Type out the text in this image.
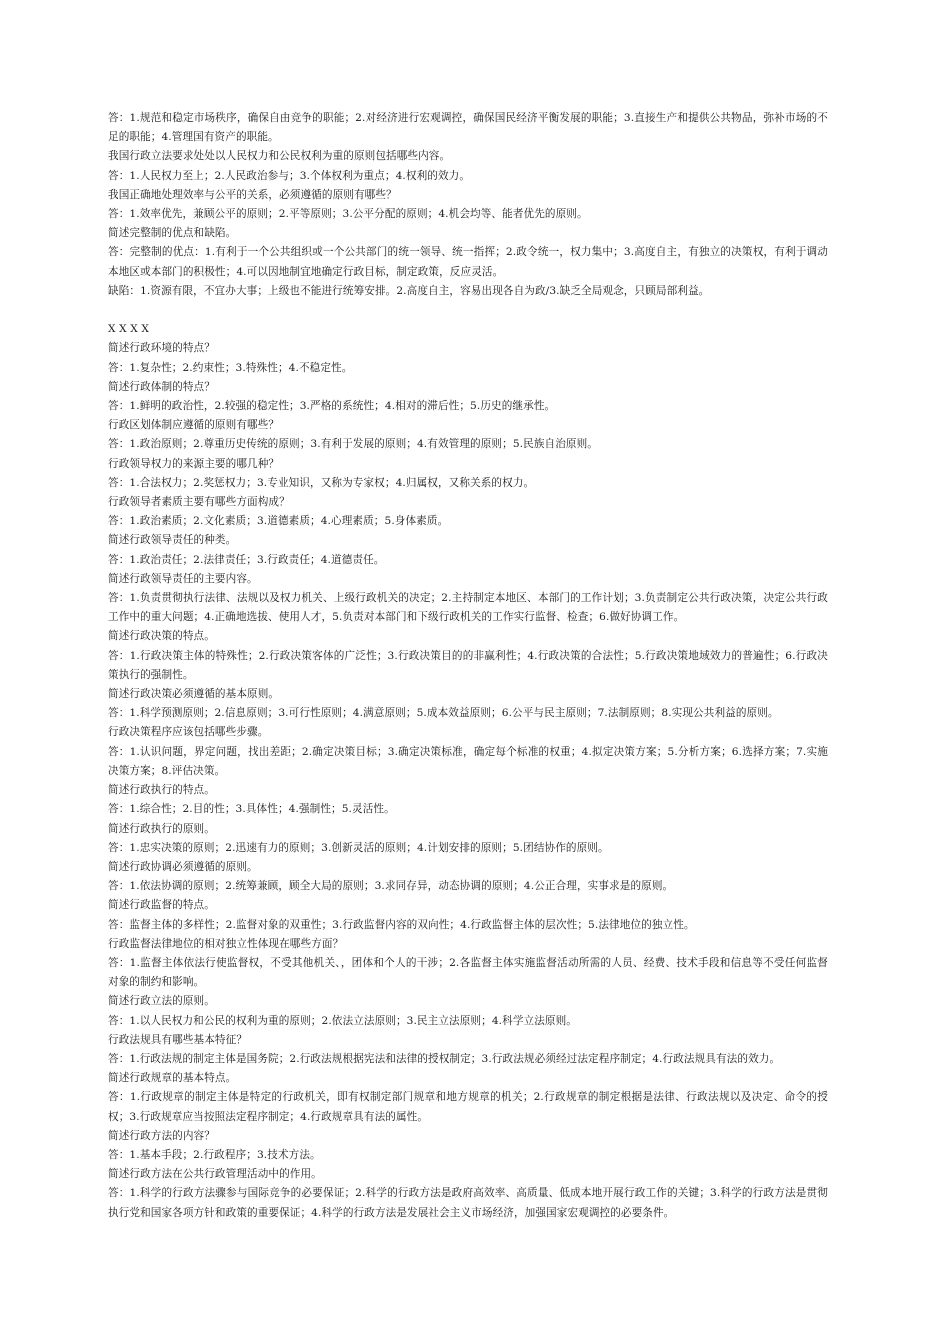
答：1.规范和稳定市场秩序，确保自由竞争的职能；2.对经济进行宏观调控，确保国民经济平衡发展的职能；3.直接生产和提供公共物品，弥补市场的不足的职能；4.管理国有资产的职能。
我国行政立法要求处处以人民权力和公民权利为重的原则包括哪些内容。
答：1.人民权力至上；2.人民政治参与；3.个体权利为重点；4.权利的效力。
我国正确地处理效率与公平的关系，必须遵循的原则有哪些？
答：1.效率优先，兼顾公平的原则；2.平等原则；3.公平分配的原则；4.机会均等、能者优先的原则。
简述完整制的优点和缺陷。
答：完整制的优点：1.有利于一个公共组织或一个公共部门的统一领导、统一指挥；2.政令统一，权力集中；3.高度自主，有独立的决策权，有利于调动本地区或本部门的积极性；4.可以因地制宜地确定行政目标，制定政策，反应灵活。
缺陷：1.资源有限，不宜办大事；上级也不能进行统筹安排。2.高度自主，容易出现各自为政/3.缺乏全局观念，只顾局部利益。
X X X X
简述行政环境的特点？
答：1.复杂性；2.约束性；3.特殊性；4.不稳定性。
简述行政体制的特点？
答：1.鲜明的政治性，2.较强的稳定性；3.严格的系统性；4.相对的滞后性；5.历史的继承性。
行政区划体制应遵循的原则有哪些？
答：1.政治原则；2.尊重历史传统的原则；3.有利于发展的原则；4.有效管理的原则；5.民族自治原则。
行政领导权力的来源主要的哪几种？
答：1.合法权力；2.奖惩权力；3.专业知识，又称为专家权；4.归属权，又称关系的权力。
行政领导者素质主要有哪些方面构成？
答：1.政治素质；2.文化素质；3.道德素质；4.心理素质；5.身体素质。
简述行政领导责任的种类。
答：1.政治责任；2.法律责任；3.行政责任；4.道德责任。
简述行政领导责任的主要内容。
答：1.负责贯彻执行法律、法规以及权力机关、上级行政机关的决定；2.主持制定本地区、本部门的工作计划；3.负责制定公共行政决策，决定公共行政工作中的重大问题；4.正确地选拔、使用人才，5.负责对本部门和下级行政机关的工作实行监督、检查；6.做好协调工作。
简述行政决策的特点。
答：1.行政决策主体的特殊性；2.行政决策客体的广泛性；3.行政决策目的的非赢利性；4.行政决策的合法性；5.行政决策地域效力的普遍性；6.行政决策执行的强制性。
简述行政决策必须遵循的基本原则。
答：1.科学预测原则；2.信息原则；3.可行性原则；4.满意原则；5.成本效益原则；6.公平与民主原则；7.法制原则；8.实现公共利益的原则。
行政决策程序应该包括哪些步骤。
答：1.认识问题，界定问题，找出差距；2.确定决策目标；3.确定决策标准，确定每个标准的权重；4.拟定决策方案；5.分析方案；6.选择方案；7.实施决策方案；8.评估决策。
简述行政执行的特点。
答：1.综合性；2.目的性；3.具体性；4.强制性；5.灵活性。
简述行政执行的原则。
答：1.忠实决策的原则；2.迅速有力的原则；3.创新灵活的原则；4.计划安排的原则；5.团结协作的原则。
简述行政协调必须遵循的原则。
答：1.依法协调的原则；2.统筹兼顾，顾全大局的原则；3.求同存异，动态协调的原则；4.公正合理，实事求是的原则。
简述行政监督的特点。
答：监督主体的多样性；2.监督对象的双重性；3.行政监督内容的双向性；4.行政监督主体的层次性；5.法律地位的独立性。
行政监督法律地位的相对独立性体现在哪些方面？
答：1.监督主体依法行使监督权，不受其他机关、，团体和个人的干涉；2.各监督主体实施监督活动所需的人员、经费、技术手段和信息等不受任何监督对象的制约和影响。
简述行政立法的原则。
答：1.以人民权力和公民的权利为重的原则；2.依法立法原则；3.民主立法原则；4.科学立法原则。
行政法规具有哪些基本特征？
答：1.行政法规的制定主体是国务院；2.行政法规根据宪法和法律的授权制定；3.行政法规必须经过法定程序制定；4.行政法规具有法的效力。
简述行政规章的基本特点。
答：1.行政规章的制定主体是特定的行政机关，即有权制定部门规章和地方规章的机关；2.行政规章的制定根据是法律、行政法规以及决定、命令的授权；3.行政规章应当按照法定程序制定；4.行政规章具有法的属性。
简述行政方法的内容？
答：1.基本手段；2.行政程序；3.技术方法。
简述行政方法在公共行政管理活动中的作用。
答：1.科学的行政方法骤参与国际竞争的必要保证；2.科学的行政方法是政府高效率、高质量、低成本地开展行政工作的关键；3.科学的行政方法是贯彻执行党和国家各项方针和政策的重要保证；4.科学的行政方法是发展社会主义市场经济，加强国家宏观调控的必要条件。
